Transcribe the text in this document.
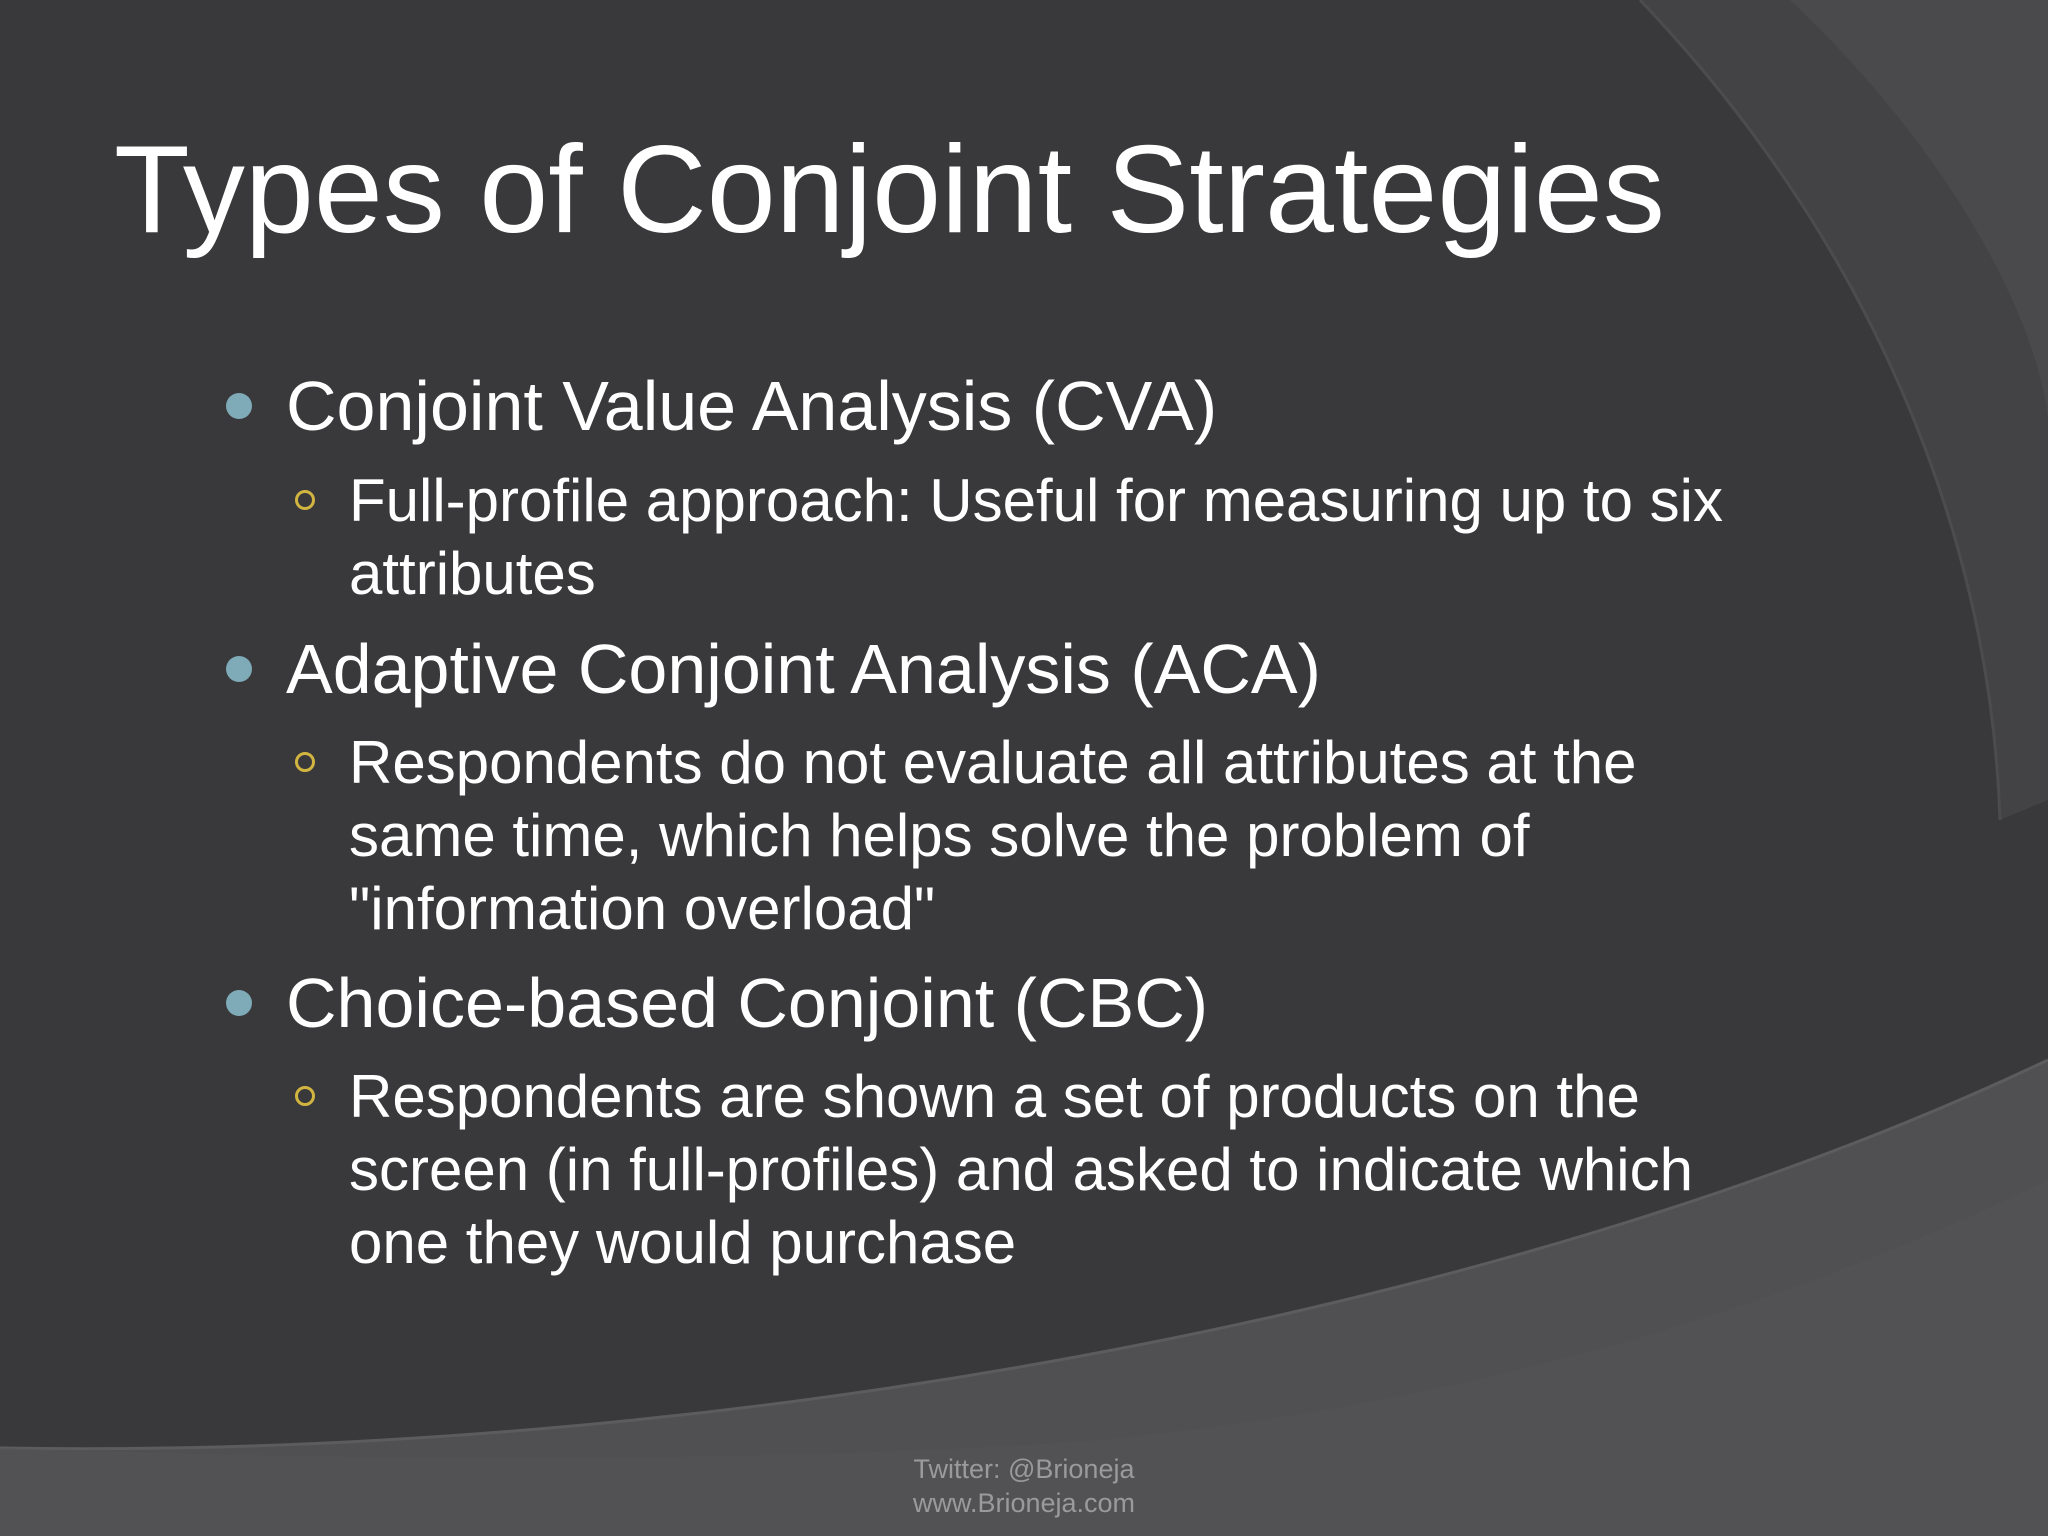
Types of Conjoint Strategies
Conjoint Value Analysis (CVA)
Full-profile approach: Useful for measuring up to six attributes
Adaptive Conjoint Analysis (ACA)
Respondents do not evaluate all attributes at the same time, which helps solve the problem of "information overload"
Choice-based Conjoint (CBC)
Respondents are shown a set of products on the screen (in full-profiles) and asked to indicate which one they would purchase
Twitter: @Brioneja
www.Brioneja.com
